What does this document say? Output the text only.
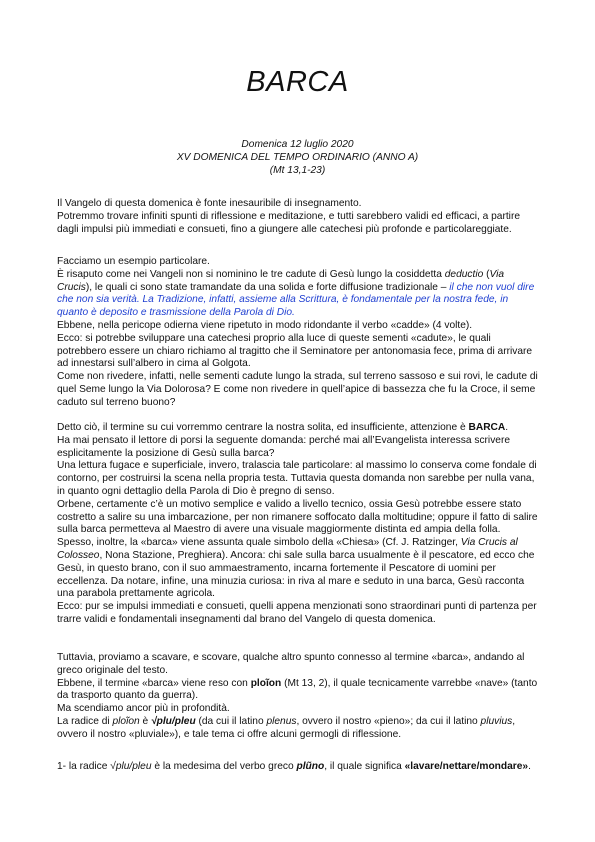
BARCA
Domenica 12 luglio 2020
XV DOMENICA DEL TEMPO ORDINARIO (ANNO A)
(Mt 13,1-23)

Il Vangelo di questa domenica è fonte inesauribile di insegnamento.

Potremmo trovare infiniti spunti di riflessione e meditazione, e tutti sarebbero validi ed efficaci, a partire dagli impulsi più immediati e consueti, fino a giungere alle catechesi più profonde e particolareggiate.

Facciamo un esempio particolare.

È risaputo come nei Vangeli non si nominino le tre cadute di Gesù lungo la cosiddetta deductio (Via Crucis), le quali ci sono state tramandate da una solida e forte diffusione tradizionale – il che non vuol dire che non sia verità. La Tradizione, infatti, assieme alla Scrittura, è fondamentale per la nostra fede, in quanto è deposito e trasmissione della Parola di Dio.

Ebbene, nella pericope odierna viene ripetuto in modo ridondante il verbo «cadde» (4 volte).

Ecco: si potrebbe sviluppare una catechesi proprio alla luce di queste sementi «cadute», le quali potrebbero essere un chiaro richiamo al tragitto che il Seminatore per antonomasia fece, prima di arrivare ad innestarsi sull’albero in cima al Golgota.

Come non rivedere, infatti, nelle sementi cadute lungo la strada, sul terreno sassoso e sui rovi, le cadute di quel Seme lungo la Via Dolorosa? E come non rivedere in quell’apice di bassezza che fu la Croce, il seme caduto sul terreno buono?

Detto ciò, il termine su cui vorremmo centrare la nostra solita, ed insufficiente, attenzione è BARCA.

Ha mai pensato il lettore di porsi la seguente domanda: perché mai all’Evangelista interessa scrivere esplicitamente la posizione di Gesù sulla barca?

Una lettura fugace e superficiale, invero, tralascia tale particolare: al massimo lo conserva come fondale di contorno, per costruirsi la scena nella propria testa. Tuttavia questa domanda non sarebbe per nulla vana, in quanto ogni dettaglio della Parola di Dio è pregno di senso.

Orbene, certamente c’è un motivo semplice e valido a livello tecnico, ossia Gesù potrebbe essere stato costretto a salire su una imbarcazione, per non rimanere soffocato dalla moltitudine; oppure il fatto di salire sulla barca permetteva al Maestro di avere una visuale maggiormente distinta ed ampia della folla.

Spesso, inoltre, la «barca» viene assunta quale simbolo della «Chiesa» (Cf. J. Ratzinger, Via Crucis al Colosseo, Nona Stazione, Preghiera). Ancora: chi sale sulla barca usualmente è il pescatore, ed ecco che Gesù, in questo brano, con il suo ammaestramento, incarna fortemente il Pescatore di uomini per eccellenza. Da notare, infine, una minuzia curiosa: in riva al mare e seduto in una barca, Gesù racconta una parabola prettamente agricola.

Ecco: pur se impulsi immediati e consueti, quelli appena menzionati sono straordinari punti di partenza per trarre validi e fondamentali insegnamenti dal brano del Vangelo di questa domenica.

Tuttavia, proviamo a scavare, e scovare, qualche altro spunto connesso al termine «barca», andando al greco originale del testo.

Ebbene, il termine «barca» viene reso con ploĩon (Mt 13, 2), il quale tecnicamente varrebbe «nave» (tanto da trasporto quanto da guerra).

Ma scendiamo ancor più in profondità.

La radice di ploĩon è √plu/pleu (da cui il latino plenus, ovvero il nostro «pieno»; da cui il latino pluvius, ovvero il nostro «pluviale»), e tale tema ci offre alcuni germogli di riflessione.

1- la radice √plu/pleu è la medesima del verbo greco plũno, il quale significa «lavare/nettare/mondare».
